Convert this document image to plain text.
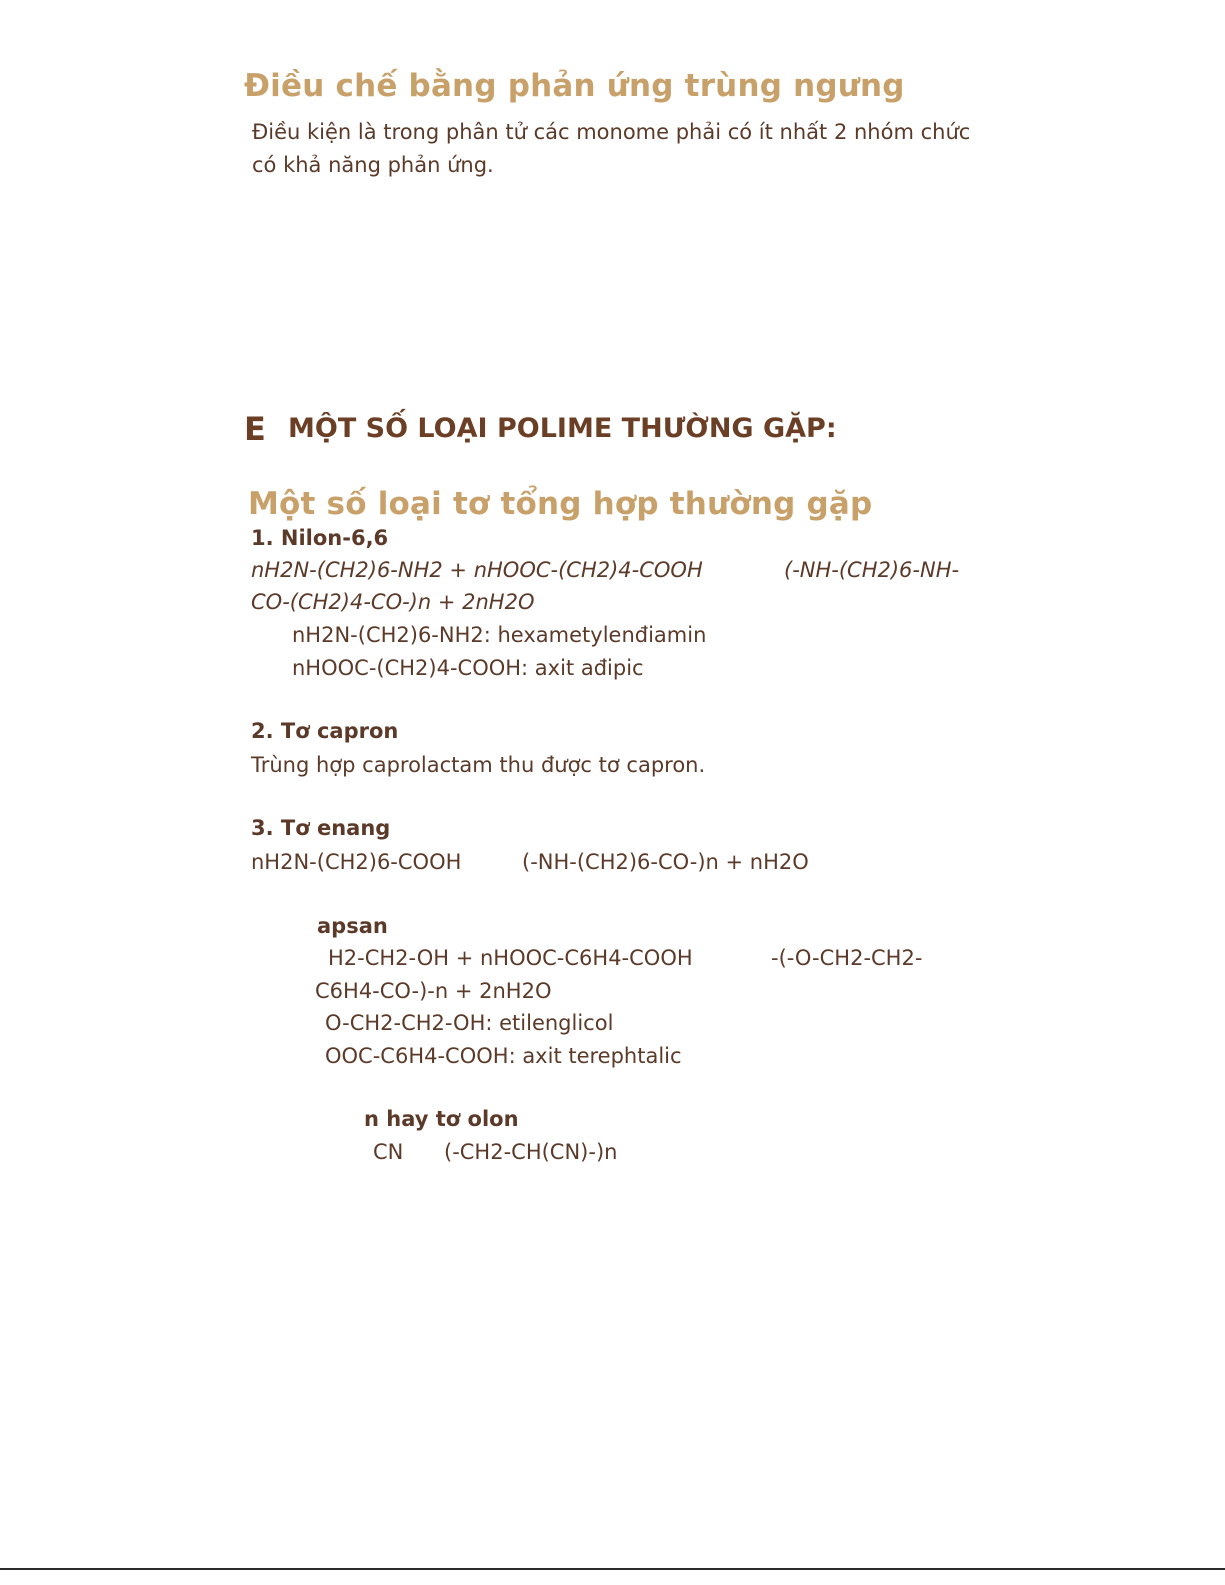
Điều chế bằng phản ứng trùng ngưng
Điều kiện là trong phân tử các monome phải có ít nhất 2 nhóm chức
có khả năng phản ứng.
E MỘT SỐ LOẠI POLIME THƯỜNG GẶP:
Một số loại tơ tổng hợp thường gặp
1. Nilon-6,6
nH2N-(CH2)6-NH2 + nHOOC-(CH2)4-COOH	(-NH-(CH2)6-NH-
CO-(CH2)4-CO-)n + 2nH2O
nH2N-(CH2)6-NH2: hexametylenđiamin
nHOOC-(CH2)4-COOH: axit ađipic
2. Tơ capron
Trùng hợp caprolactam thu được tơ capron.
3. Tơ enang
nH2N-(CH2)6-COOH	(-NH-(CH2)6-CO-)n + nH2O
apsan
H2-CH2-OH + nHOOC-C6H4-COOH	-(-O-CH2-CH2-
C6H4-CO-)-n + 2nH2O
O-CH2-CH2-OH: etilenglicol
OOC-C6H4-COOH: axit terephtalic
n hay tơ olon
CN (-CH2-CH(CN)-)n
